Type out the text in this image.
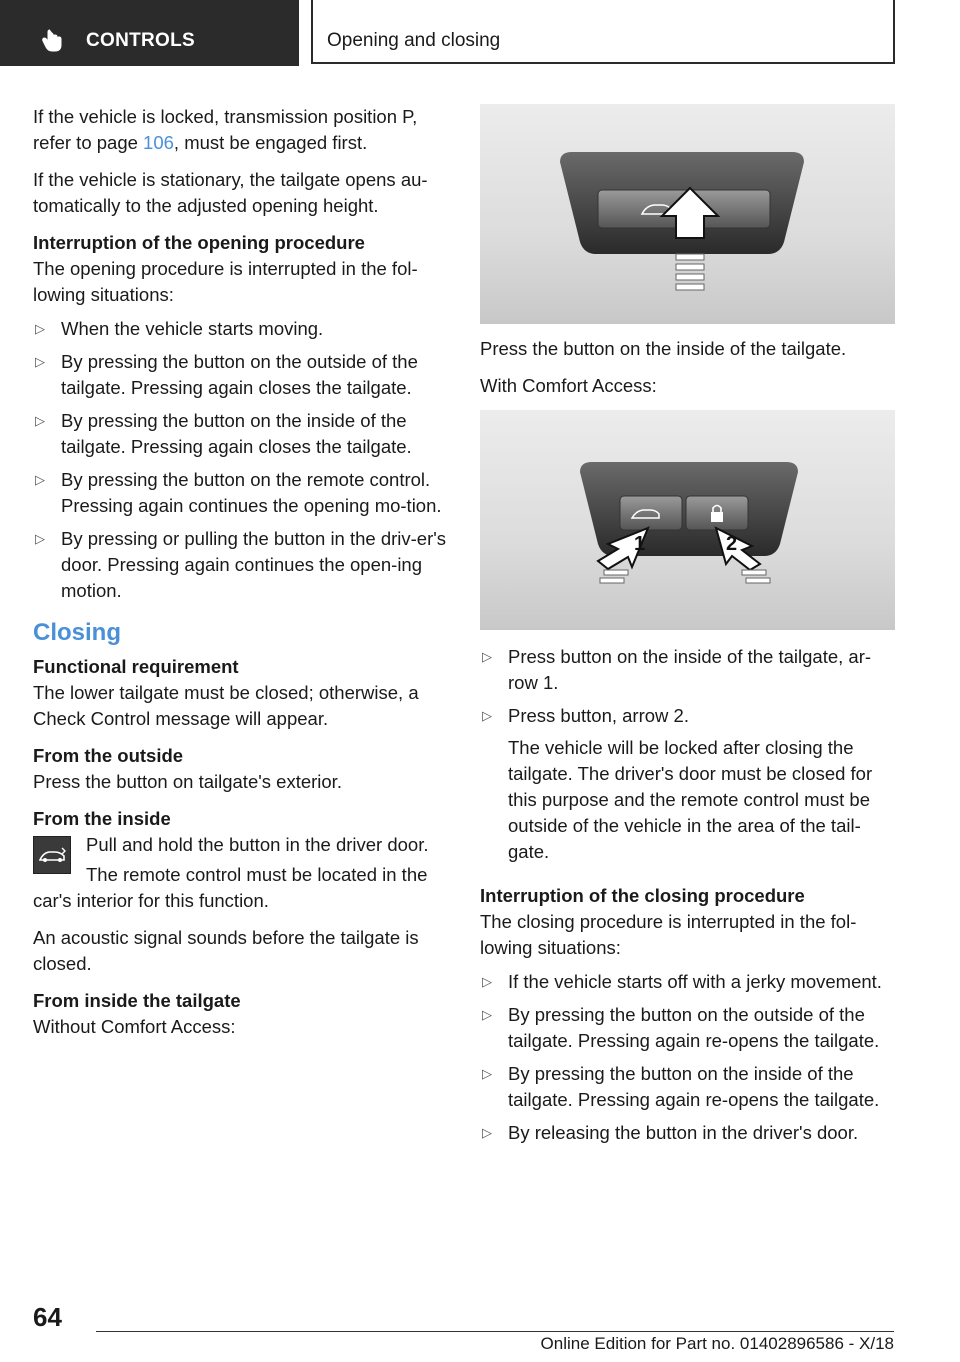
CONTROLS	Opening and closing

If the vehicle is locked, transmission position P, refer to page 106, must be engaged first.

If the vehicle is stationary, the tailgate opens au-tomatically to the adjusted opening height.

Interruption of the opening procedure

The opening procedure is interrupted in the fol-lowing situations:

▷ When the vehicle starts moving.
▷ By pressing the button on the outside of the tailgate. Pressing again closes the tailgate.
▷ By pressing the button on the inside of the tailgate. Pressing again closes the tailgate.
▷ By pressing the button on the remote control. Pressing again continues the opening mo-tion.
▷ By pressing or pulling the button in the driv-er's door. Pressing again continues the open-ing motion.
Closing
Functional requirement

The lower tailgate must be closed; otherwise, a Check Control message will appear.

From the outside

Press the button on tailgate's exterior.

From the inside

Pull and hold the button in the driver door.

The remote control must be located in the car's interior for this function.

An acoustic signal sounds before the tailgate is closed.

From inside the tailgate

Without Comfort Access:

Press the button on the inside of the tailgate.

With Comfort Access:

1	2
▷ Press button on the inside of the tailgate, ar-row 1.
▷ Press button, arrow 2.
The vehicle will be locked after closing the tailgate. The driver's door must be closed for this purpose and the remote control must be outside of the vehicle in the area of the tail-gate.
Interruption of the closing procedure

The closing procedure is interrupted in the fol-lowing situations:

▷ If the vehicle starts off with a jerky movement.
▷ By pressing the button on the outside of the tailgate. Pressing again re-opens the tailgate.
▷ By pressing the button on the inside of the tailgate. Pressing again re-opens the tailgate.
▷ By releasing the button in the driver's door.
64
Online Edition for Part no. 01402896586 - X/18
